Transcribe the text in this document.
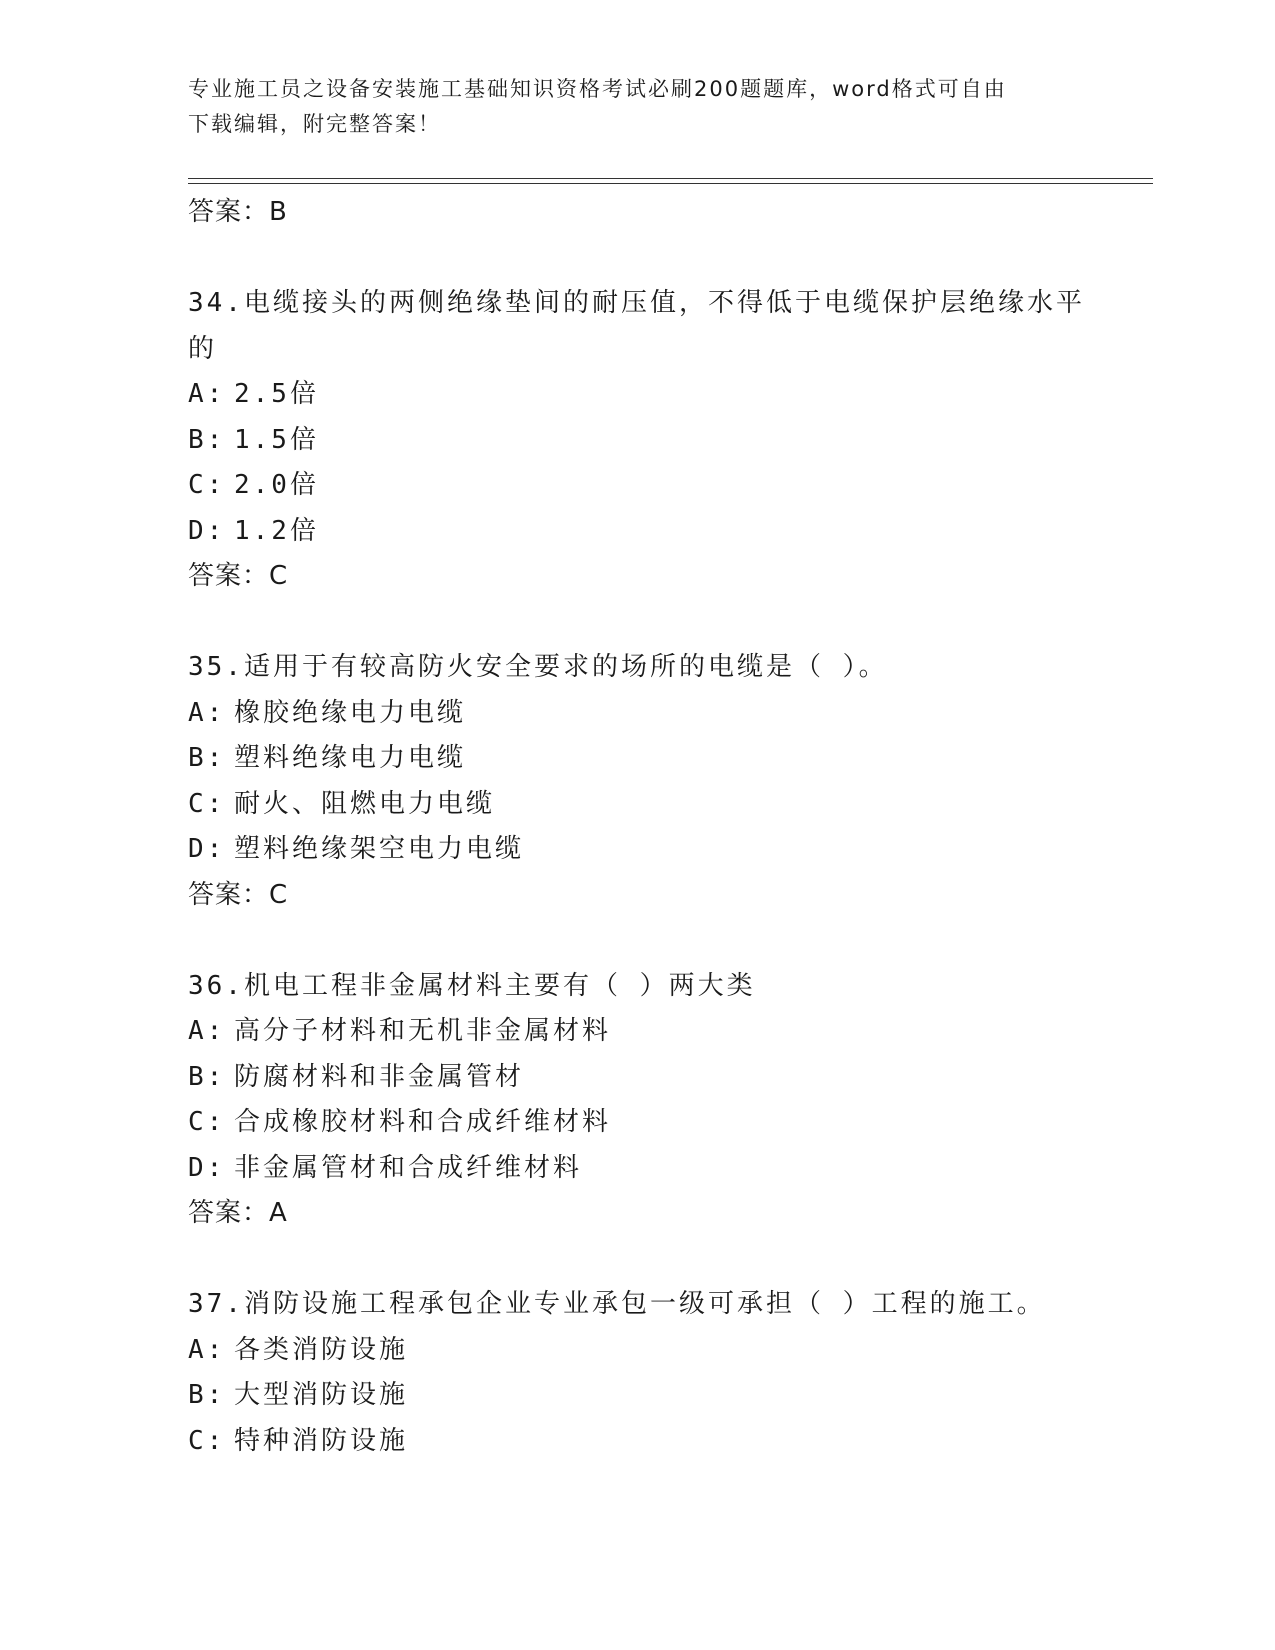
专业施工员之设备安装施工基础知识资格考试必刷200题题库，word格式可自由
下载编辑，附完整答案！
答案：B
34.电缆接头的两侧绝缘垫间的耐压值，不得低于电缆保护层绝缘水平
的
A: 2.5倍
B: 1.5倍
C: 2.0倍
D: 1.2倍
答案：C
35.适用于有较高防火安全要求的场所的电缆是（ ）。
A: 橡胶绝缘电力电缆
B: 塑料绝缘电力电缆
C: 耐火、阻燃电力电缆
D: 塑料绝缘架空电力电缆
答案：C
36.机电工程非金属材料主要有（ ）两大类
A: 高分子材料和无机非金属材料
B: 防腐材料和非金属管材
C: 合成橡胶材料和合成纤维材料
D: 非金属管材和合成纤维材料
答案：A
37.消防设施工程承包企业专业承包一级可承担（ ）工程的施工。
A: 各类消防设施
B: 大型消防设施
C: 特种消防设施
